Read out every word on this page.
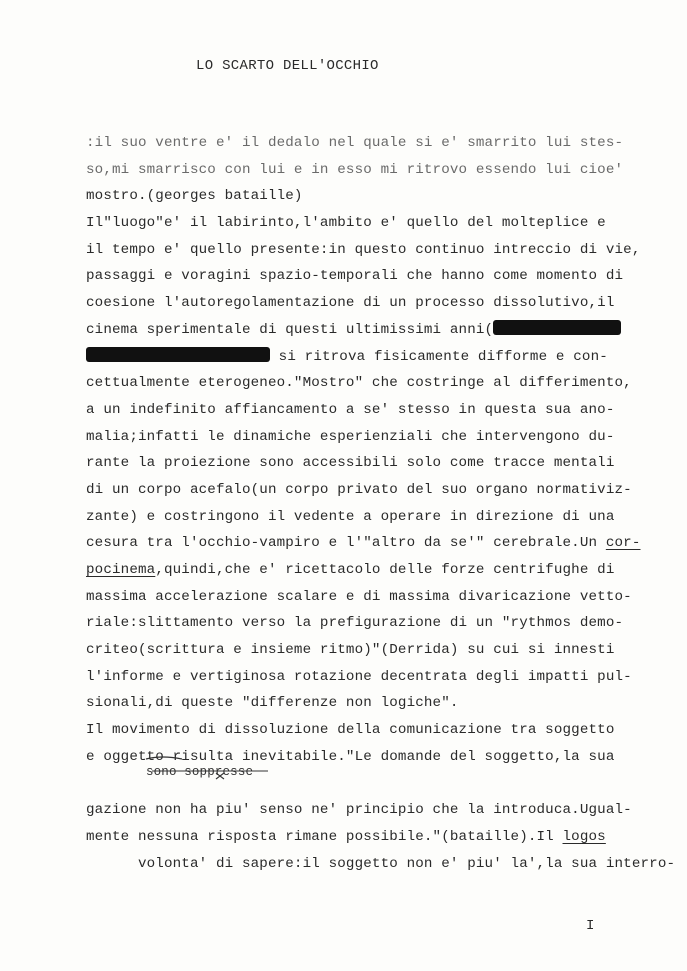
LO SCARTO DELL'OCCHIO
:il suo ventre e' il dedalo nel quale si e' smarrito lui stes-
so,mi smarrisco con lui e in esso mi ritrovo essendo lui cioe'
mostro.(georges bataille)
Il"luogo"e' il labirinto,l'ambito e' quello del molteplice e
il tempo e' quello presente:in questo continuo intreccio di vie,
passaggi e voragini spazio-temporali che hanno come momento di
coesione l'autoregolamentazione di un processo dissolutivo,il
cinema sperimentale di questi ultimissimi anni(
si ritrova fisicamente difforme e con-
cettualmente eterogeneo."Mostro" che costringe al differimento,
a un indefinito affiancamento a se' stesso in questa sua ano-
malia;infatti le dinamiche esperienziali che intervengono du-
rante la proiezione sono accessibili solo come tracce mentali
di un corpo acefalo(un corpo privato del suo organo normativiz-
zante) e costringono il vedente a operare in direzione di una
cesura tra l'occhio-vampiro e l'"altro da se'" cerebrale.Un cor-
pocinema,quindi,che e' ricettacolo delle forze centrifughe di
massima accelerazione scalare e di massima divaricazione vetto-
riale:slittamento verso la prefigurazione di un "rythmos demo-
criteo(scrittura e insieme ritmo)"(Derrida) su cui si innesti
l'informe e vertiginosa rotazione decentrata degli impatti pul-
sionali,di queste "differenze non logiche".
Il movimento di dissoluzione della comunicazione tra soggetto
e oggetto risulta inevitabile."Le domande del soggetto,la sua

sono soppresse

volonta' di sapere:il soggetto non e' piu' la',la sua interro-

gazione non ha piu' senso ne' principio che la introduca.Ugual-
mente nessuna risposta rimane possibile."(bataille).Il logos
I
